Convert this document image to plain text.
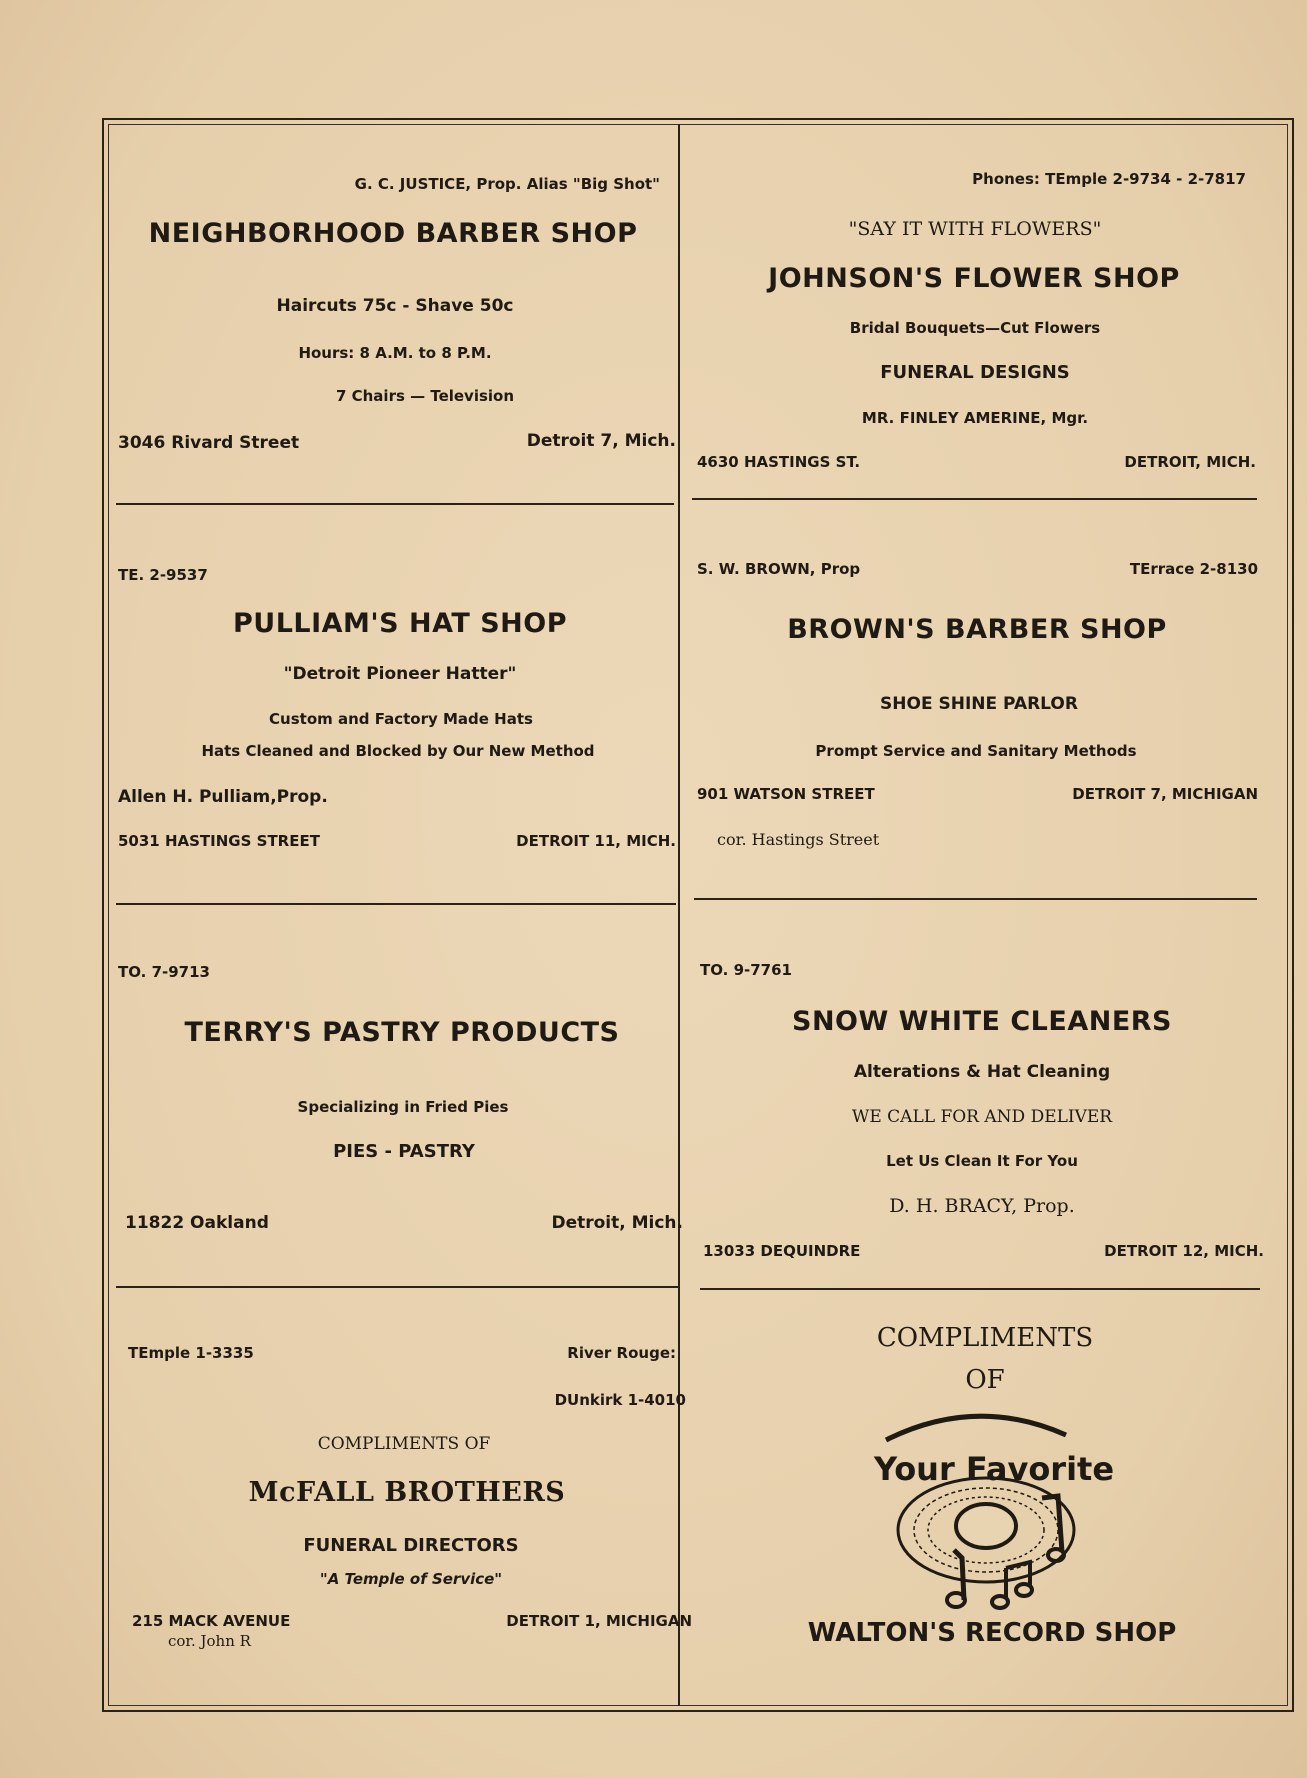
G. C. JUSTICE, Prop. Alias "Big Shot"
NEIGHBORHOOD BARBER SHOP
Haircuts 75c - Shave 50c
Hours: 8 A.M. to 8 P.M.
7 Chairs — Television
3046 Rivard Street	Detroit 7, Mich.
Phones: TEmple 2-9734 - 2-7817
"SAY IT WITH FLOWERS"
JOHNSON'S FLOWER SHOP
Bridal Bouquets—Cut Flowers
FUNERAL DESIGNS
MR. FINLEY AMERINE, Mgr.
4630 HASTINGS ST.	DETROIT, MICH.
TE. 2-9537
PULLIAM'S HAT SHOP
"Detroit Pioneer Hatter"
Custom and Factory Made Hats
Hats Cleaned and Blocked by Our New Method
Allen H. Pulliam,Prop.
5031 HASTINGS STREET	DETROIT 11, MICH.
S. W. BROWN, Prop	TErrace 2-8130
BROWN'S BARBER SHOP
SHOE SHINE PARLOR
Prompt Service and Sanitary Methods
901 WATSON STREET	DETROIT 7, MICHIGAN
cor. Hastings Street
TO. 7-9713
TERRY'S PASTRY PRODUCTS
Specializing in Fried Pies
PIES - PASTRY
11822 Oakland	Detroit, Mich.
TO. 9-7761
SNOW WHITE CLEANERS
Alterations & Hat Cleaning
WE CALL FOR AND DELIVER
Let Us Clean It For You
D. H. BRACY, Prop.
13033 DEQUINDRE	DETROIT 12, MICH.
TEmple 1-3335	River Rouge:
DUnkirk 1-4010
COMPLIMENTS OF
McFALL BROTHERS
FUNERAL DIRECTORS
"A Temple of Service"
215 MACK AVENUE
cor. John R
DETROIT 1, MICHIGAN
COMPLIMENTS
OF
Your Favorite
WALTON'S RECORD SHOP
